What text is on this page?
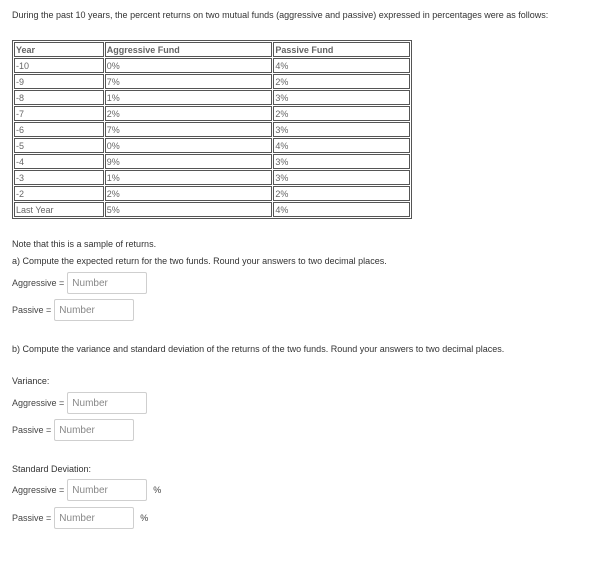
During the past 10 years, the percent returns on two mutual funds (aggressive and passive) expressed in percentages were as follows:
Year	Aggressive Fund	Passive Fund
-10	0%	4%
-9	7%	2%
-8	1%	3%
-7	2%	2%
-6	7%	3%
-5	0%	4%
-4	9%	3%
-3	1%	3%
-2	2%	2%
Last Year	5%	4%
Note that this is a sample of returns.
a) Compute the expected return for the two funds. Round your answers to two decimal places.
Aggressive =
Number
Passive =
Number
b) Compute the variance and standard deviation of the returns of the two funds. Round your answers to two decimal places.
Variance:
Aggressive =
Number
Passive =
Number
Standard Deviation:
Aggressive =
Number	%
Passive =
Number	%
